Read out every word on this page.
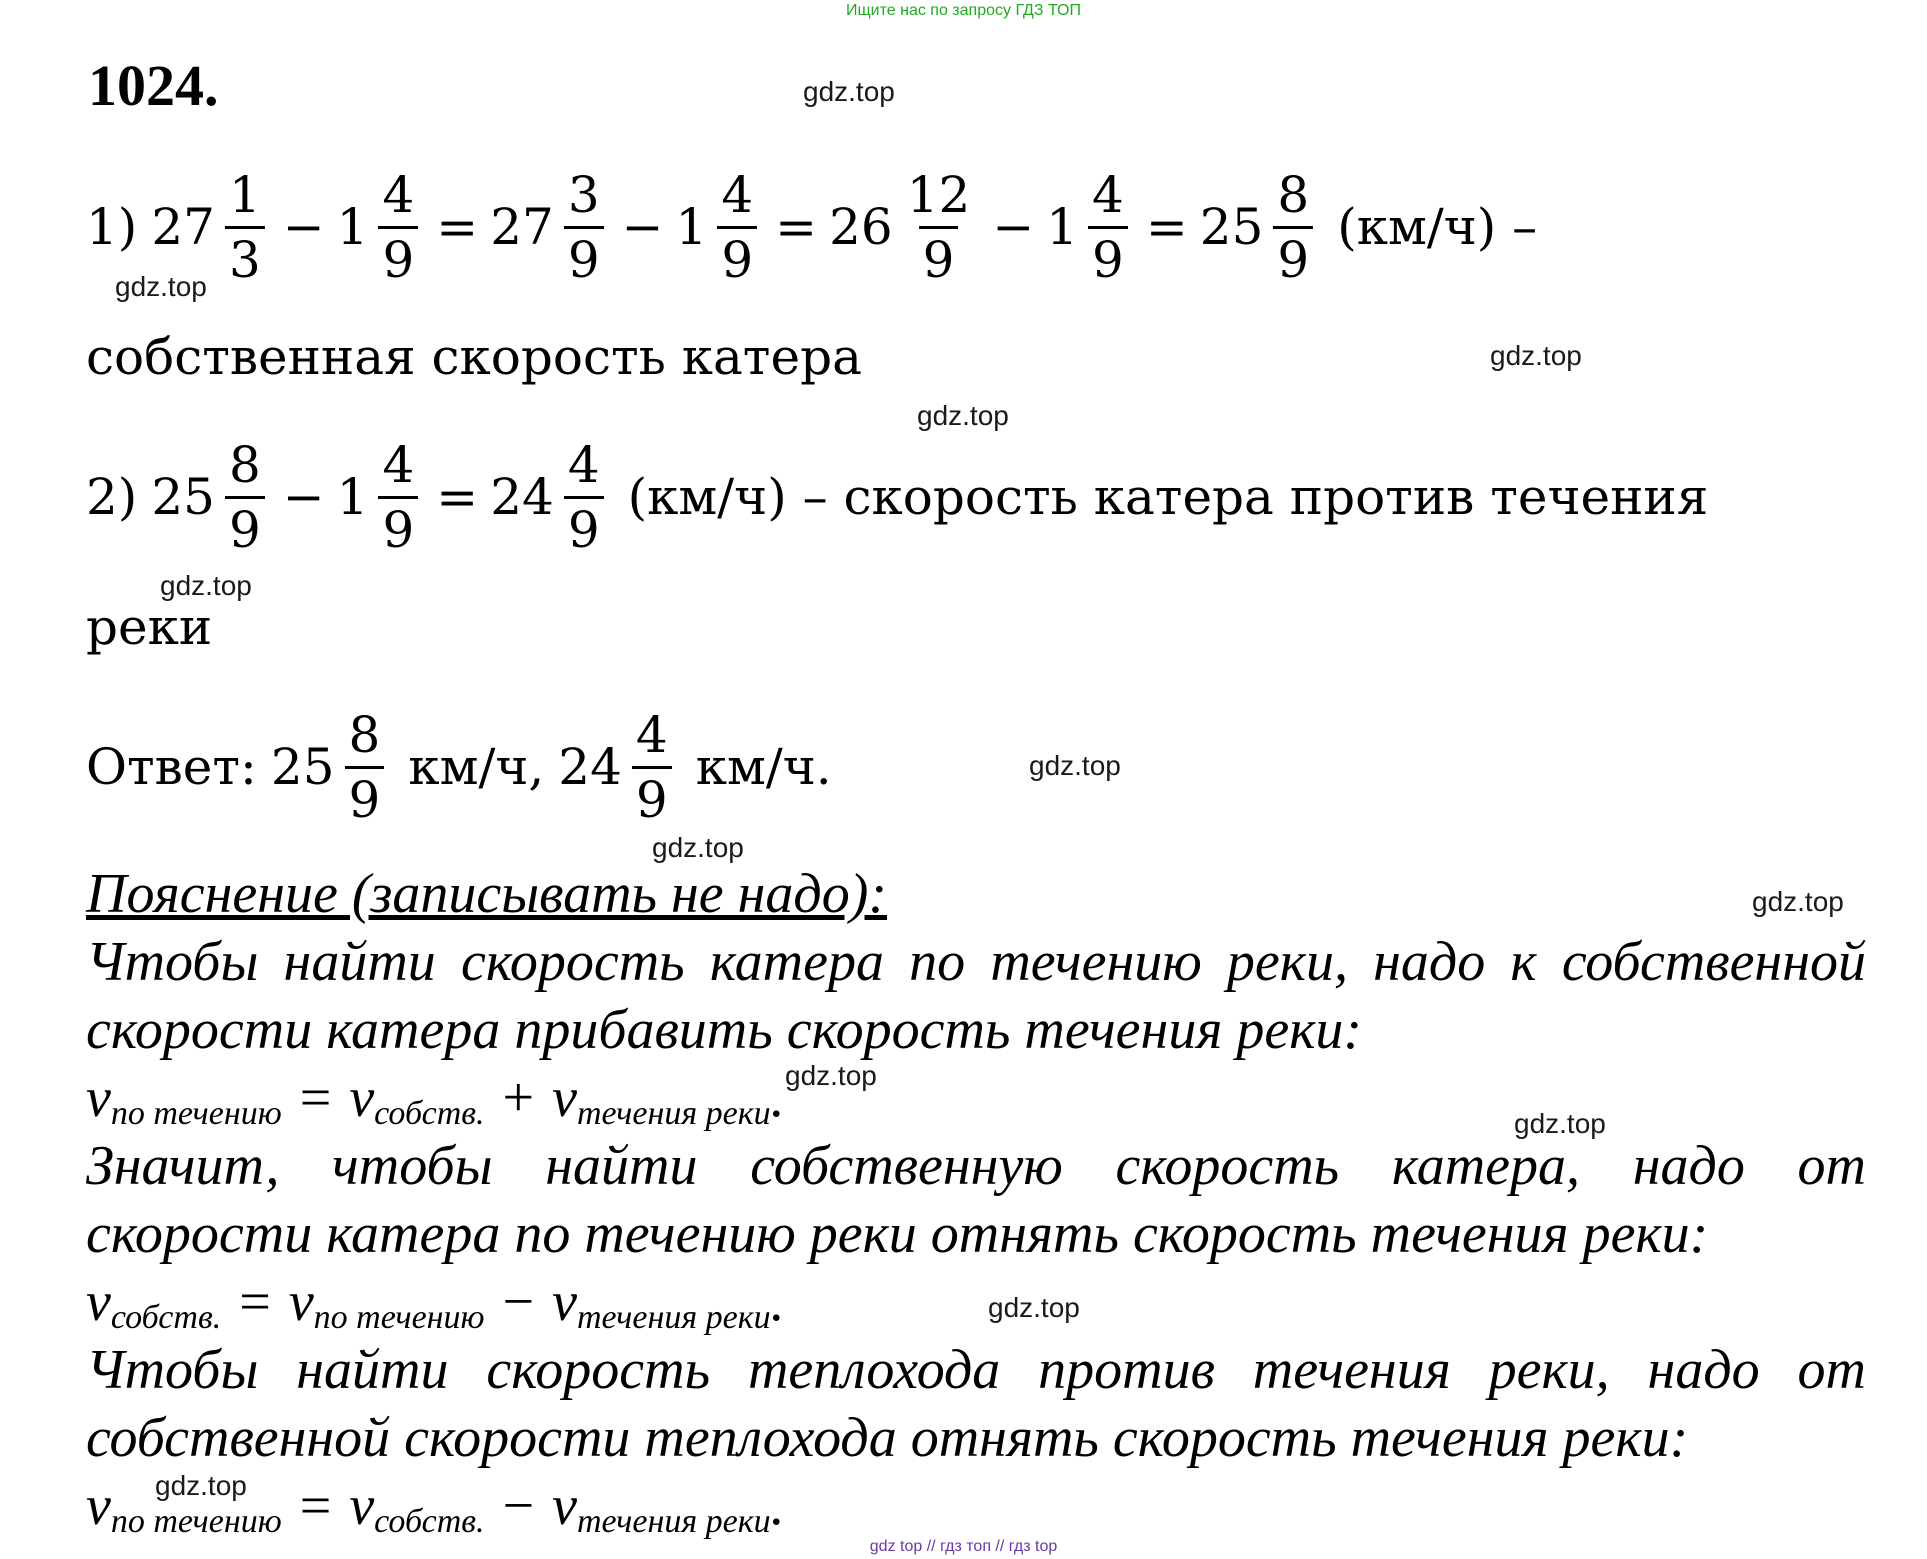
Ищите нас по запросу ГДЗ ТОП
1024.	gdz.top
gdz.top
gdz.top
gdz.top
gdz.top
gdz.top
gdz.top
gdz.top
gdz.top
gdz.top
gdz.top
gdz.top
1) $27 \frac{1}{3} - 1 \frac{4}{9} = 27 \frac{3}{9} - 1 \frac{4}{9} = 26 \frac{12}{9} - 1 \frac{4}{9} = 25 \frac{8}{9} (км/ч)$ –
собственная скорость катера
2) $25 \frac{8}{9} - 1 \frac{4}{9} = 24 \frac{4}{9} (км/ч)$ – скорость катера против течения
реки
Ответ: $25 \frac{8}{9} км/ч$, $24 \frac{4}{9} км/ч$.
Пояснение (записывать не надо):
Чтобы найти скорость катера по течению реки, надо к собственной
скорости катера прибавить скорость течения реки:
$v_{по течению} = v_{собств.} + v_{течения реки}$.
Значит, чтобы найти собственную скорость катера, надо от
скорости катера по течению реки отнять скорость течения реки:
$v_{собств.} = v_{по течению} - v_{течения реки}$.
Чтобы найти скорость теплохода против течения реки, надо от
собственной скорости теплохода отнять скорость течения реки:
$v_{по течению} = v_{собств.} - v_{течения реки}$.
gdz top // гдз топ // гдз top
